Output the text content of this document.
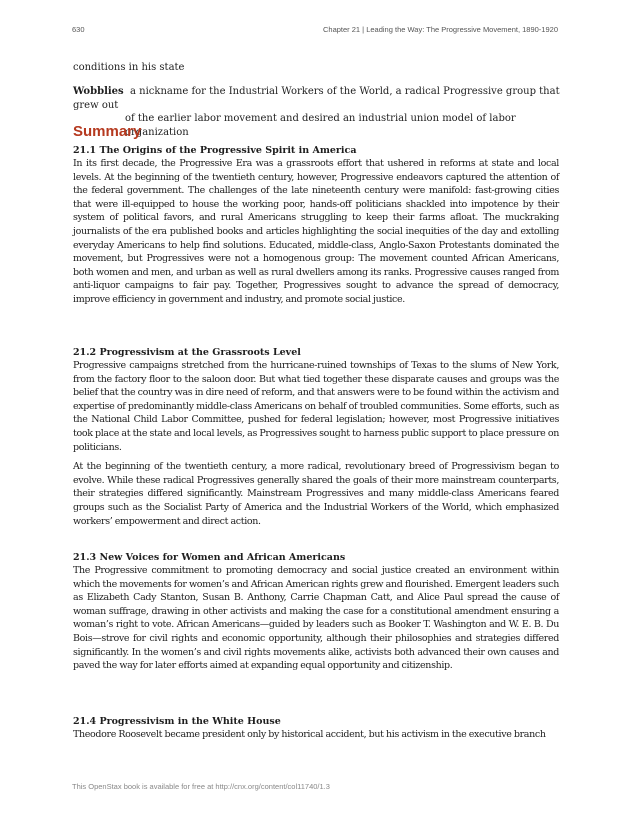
630	Chapter 21 | Leading the Way: The Progressive Movement, 1890-1920
conditions in his state
Wobblies a nickname for the Industrial Workers of the World, a radical Progressive group that grew out
of the earlier labor movement and desired an industrial union model of labor organization
Summary
21.1 The Origins of the Progressive Spirit in America

In its first decade, the Progressive Era was a grassroots effort that ushered in reforms at state and local levels. At the beginning of the twentieth century, however, Progressive endeavors captured the attention of the federal government. The challenges of the late nineteenth century were manifold: fast-growing cities that were ill-equipped to house the working poor, hands-off politicians shackled into impotence by their system of political favors, and rural Americans struggling to keep their farms afloat. The muckraking journalists of the era published books and articles highlighting the social inequities of the day and extolling everyday Americans to help find solutions. Educated, middle-class, Anglo-Saxon Protestants dominated the movement, but Progressives were not a homogenous group: The movement counted African Americans, both women and men, and urban as well as rural dwellers among its ranks. Progressive causes ranged from anti-liquor campaigns to fair pay. Together, Progressives sought to advance the spread of democracy, improve efficiency in government and industry, and promote social justice.

21.2 Progressivism at the Grassroots Level

Progressive campaigns stretched from the hurricane-ruined townships of Texas to the slums of New York, from the factory floor to the saloon door. But what tied together these disparate causes and groups was the belief that the country was in dire need of reform, and that answers were to be found within the activism and expertise of predominantly middle-class Americans on behalf of troubled communities. Some efforts, such as the National Child Labor Committee, pushed for federal legislation; however, most Progressive initiatives took place at the state and local levels, as Progressives sought to harness public support to place pressure on politicians.

At the beginning of the twentieth century, a more radical, revolutionary breed of Progressivism began to evolve. While these radical Progressives generally shared the goals of their more mainstream counterparts, their strategies differed significantly. Mainstream Progressives and many middle-class Americans feared groups such as the Socialist Party of America and the Industrial Workers of the World, which emphasized workers’ empowerment and direct action.

21.3 New Voices for Women and African Americans

The Progressive commitment to promoting democracy and social justice created an environment within which the movements for women’s and African American rights grew and flourished. Emergent leaders such as Elizabeth Cady Stanton, Susan B. Anthony, Carrie Chapman Catt, and Alice Paul spread the cause of woman suffrage, drawing in other activists and making the case for a constitutional amendment ensuring a woman’s right to vote. African Americans—guided by leaders such as Booker T. Washington and W. E. B. Du Bois—strove for civil rights and economic opportunity, although their philosophies and strategies differed significantly. In the women’s and civil rights movements alike, activists both advanced their own causes and paved the way for later efforts aimed at expanding equal opportunity and citizenship.

21.4 Progressivism in the White House

Theodore Roosevelt became president only by historical accident, but his activism in the executive branch

This OpenStax book is available for free at http://cnx.org/content/col11740/1.3
